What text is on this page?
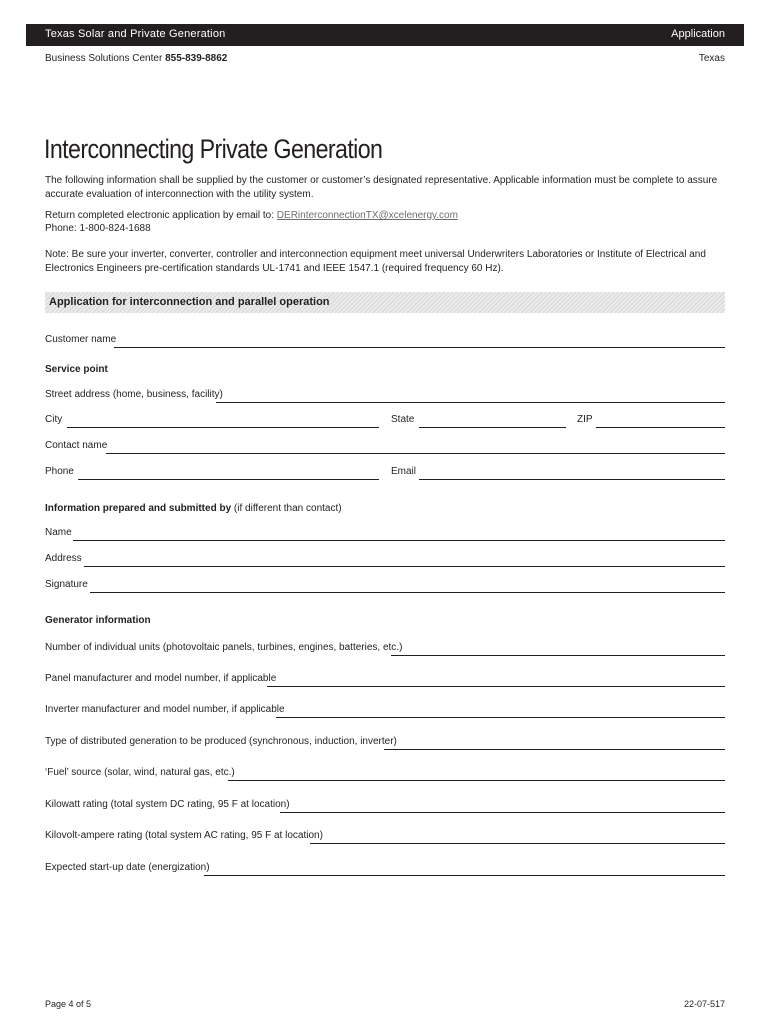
Texas Solar and Private Generation	Application
Business Solutions Center 855-839-8862	Texas
Interconnecting Private Generation
The following information shall be supplied by the customer or customer’s designated representative. Applicable information must be complete to assure accurate evaluation of interconnection with the utility system.
Return completed electronic application by email to: DERinterconnectionTX@xcelenergy.com
Phone: 1-800-824-1688
Note: Be sure your inverter, converter, controller and interconnection equipment meet universal Underwriters Laboratories or Institute of Electrical and Electronics Engineers pre-certification standards UL-1741 and IEEE 1547.1 (required frequency 60 Hz).
Application for interconnection and parallel operation
Customer name
Service point
Street address (home, business, facility)
City	State	ZIP
Contact name
Phone	Email
Information prepared and submitted by (if different than contact)
Name
Address
Signature
Generator information
Number of individual units (photovoltaic panels, turbines, engines, batteries, etc.)
Panel manufacturer and model number, if applicable
Inverter manufacturer and model number, if applicable
Type of distributed generation to be produced (synchronous, induction, inverter)
‘Fuel’ source (solar, wind, natural gas, etc.)
Kilowatt rating (total system DC rating, 95 F at location)
Kilovolt-ampere rating (total system AC rating, 95 F at location)
Expected start-up date (energization)
Page 4 of 5	22-07-517
